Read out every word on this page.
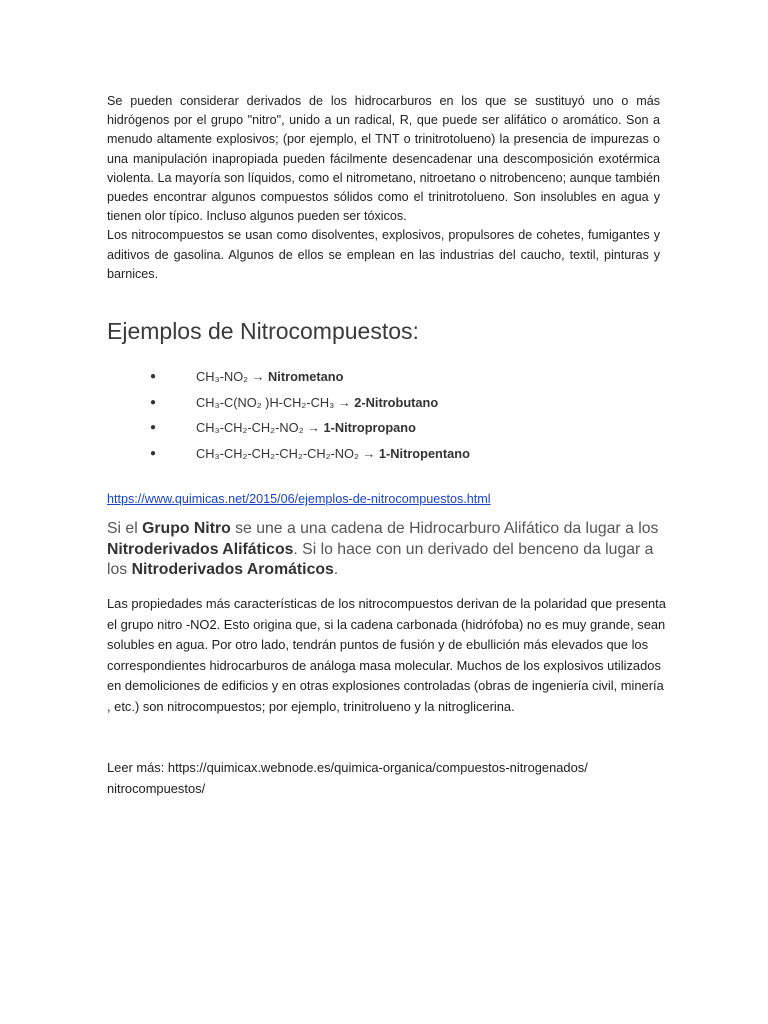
Se pueden considerar derivados de los hidrocarburos en los que se sustituyó uno o más hidrógenos por el grupo "nitro", unido a un radical, R, que puede ser alifático o aromático. Son a menudo altamente explosivos; (por ejemplo, el TNT o trinitrotolueno) la presencia de impurezas o una manipulación inapropiada pueden fácilmente desencadenar una descomposición exotérmica violenta. La mayoría son líquidos, como el nitrometano, nitroetano o nitrobenceno; aunque también puedes encontrar algunos compuestos sólidos como el trinitrotolueno. Son insolubles en agua y tienen olor típico. Incluso algunos pueden ser tóxicos.

Los nitrocompuestos se usan como disolventes, explosivos, propulsores de cohetes, fumigantes y aditivos de gasolina. Algunos de ellos se emplean en las industrias del caucho, textil, pinturas y barnices.

Ejemplos de Nitrocompuestos:
●	CH₃-NO₂ → Nitrometano
●	CH₃-C(NO₂ )H-CH₂-CH₃ → 2-Nitrobutano
●	CH₃-CH₂-CH₂-NO₂ → 1-Nitropropano
●	CH₃-CH₂-CH₂-CH₂-CH₂-NO₂ → 1-Nitropentano
https://www.quimicas.net/2015/06/ejemplos-de-nitrocompuestos.html

Si el Grupo Nitro se une a una cadena de Hidrocarburo Alifático da lugar a los Nitroderivados Alifáticos. Si lo hace con un derivado del benceno da lugar a los Nitroderivados Aromáticos.

Las propiedades más características de los nitrocompuestos derivan de la polaridad que presenta el grupo nitro -NO2. Esto origina que, si la cadena carbonada (hidrófoba) no es muy grande, sean solubles en agua. Por otro lado, tendrán puntos de fusión y de ebullición más elevados que los correspondientes hidrocarburos de análoga masa molecular. Muchos de los explosivos utilizados en demoliciones de edificios y en otras explosiones controladas (obras de ingeniería civil, minería , etc.) son nitrocompuestos; por ejemplo, trinitrolueno y la nitroglicerina.

Leer más: https://quimicax.webnode.es/quimica-organica/compuestos-nitrogenados/ nitrocompuestos/
